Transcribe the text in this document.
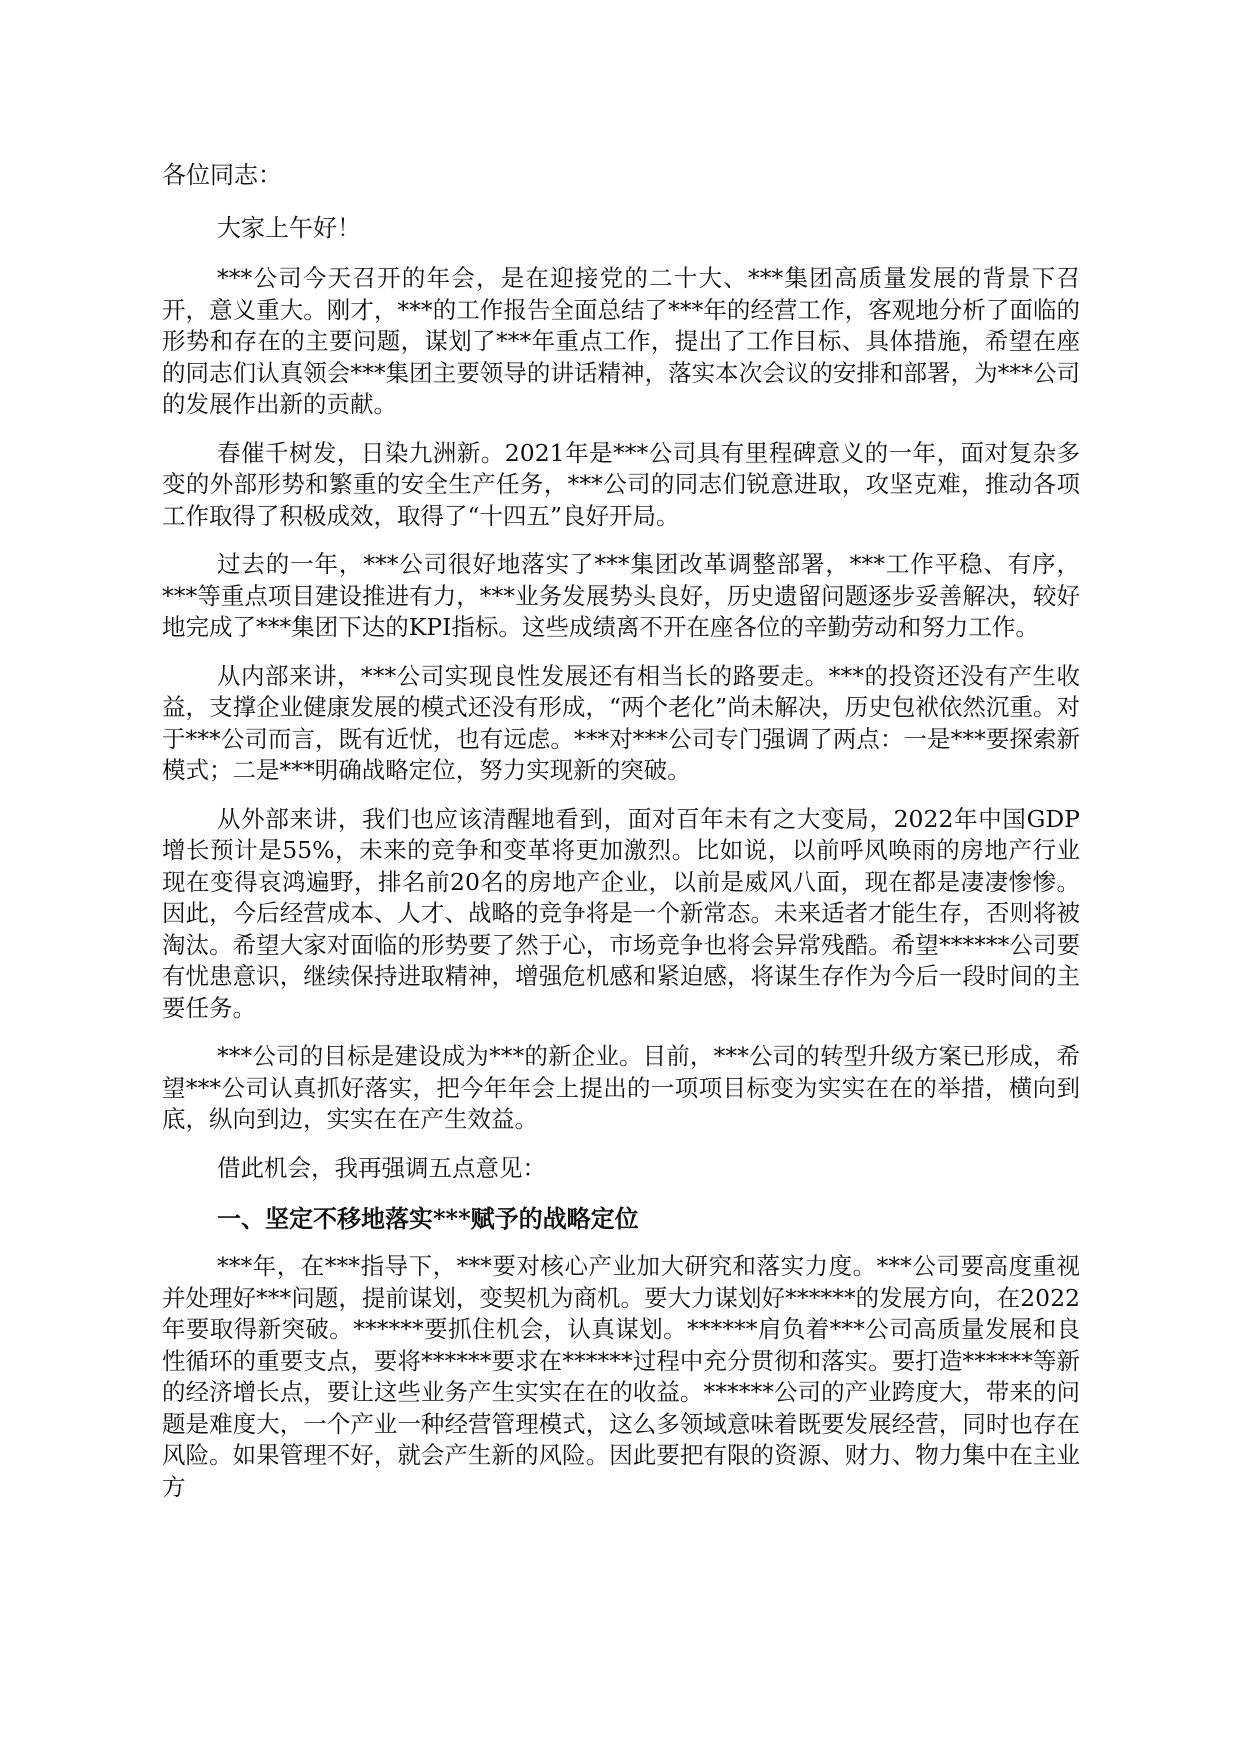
各位同志：

大家上午好！

***公司今天召开的年会，是在迎接党的二十大、***集团高质量发展的背景下召开，意义重大。刚才，***的工作报告全面总结了***年的经营工作，客观地分析了面临的形势和存在的主要问题，谋划了***年重点工作，提出了工作目标、具体措施，希望在座的同志们认真领会***集团主要领导的讲话精神，落实本次会议的安排和部署，为***公司的发展作出新的贡献。

春催千树发，日染九洲新。2021年是***公司具有里程碑意义的一年，面对复杂多变的外部形势和繁重的安全生产任务，***公司的同志们锐意进取，攻坚克难，推动各项工作取得了积极成效，取得了“十四五”良好开局。

过去的一年，***公司很好地落实了***集团改革调整部署，***工作平稳、有序，***等重点项目建设推进有力，***业务发展势头良好，历史遗留问题逐步妥善解决，较好地完成了***集团下达的KPI指标。这些成绩离不开在座各位的辛勤劳动和努力工作。

从内部来讲，***公司实现良性发展还有相当长的路要走。***的投资还没有产生收益，支撑企业健康发展的模式还没有形成，“两个老化”尚未解决，历史包袱依然沉重。对于***公司而言，既有近忧，也有远虑。***对***公司专门强调了两点：一是***要探索新模式；二是***明确战略定位，努力实现新的突破。

从外部来讲，我们也应该清醒地看到，面对百年未有之大变局，2022年中国GDP增长预计是55%，未来的竞争和变革将更加激烈。比如说，以前呼风唤雨的房地产行业现在变得哀鸿遍野，排名前20名的房地产企业，以前是威风八面，现在都是凄凄惨惨。因此，今后经营成本、人才、战略的竞争将是一个新常态。未来适者才能生存，否则将被淘汰。希望大家对面临的形势要了然于心，市场竞争也将会异常残酷。希望******公司要有忧患意识，继续保持进取精神，增强危机感和紧迫感，将谋生存作为今后一段时间的主要任务。

***公司的目标是建设成为***的新企业。目前，***公司的转型升级方案已形成，希望***公司认真抓好落实，把今年年会上提出的一项项目标变为实实在在的举措，横向到底，纵向到边，实实在在产生效益。

借此机会，我再强调五点意见：

一、坚定不移地落实***赋予的战略定位

***年，在***指导下，***要对核心产业加大研究和落实力度。***公司要高度重视并处理好***问题，提前谋划，变契机为商机。要大力谋划好******的发展方向，在2022年要取得新突破。******要抓住机会，认真谋划。******肩负着***公司高质量发展和良性循环的重要支点，要将******要求在******过程中充分贯彻和落实。要打造******等新的经济增长点，要让这些业务产生实实在在的收益。******公司的产业跨度大，带来的问题是难度大，一个产业一种经营管理模式，这么多领域意味着既要发展经营，同时也存在风险。如果管理不好，就会产生新的风险。因此要把有限的资源、财力、物力集中在主业方
